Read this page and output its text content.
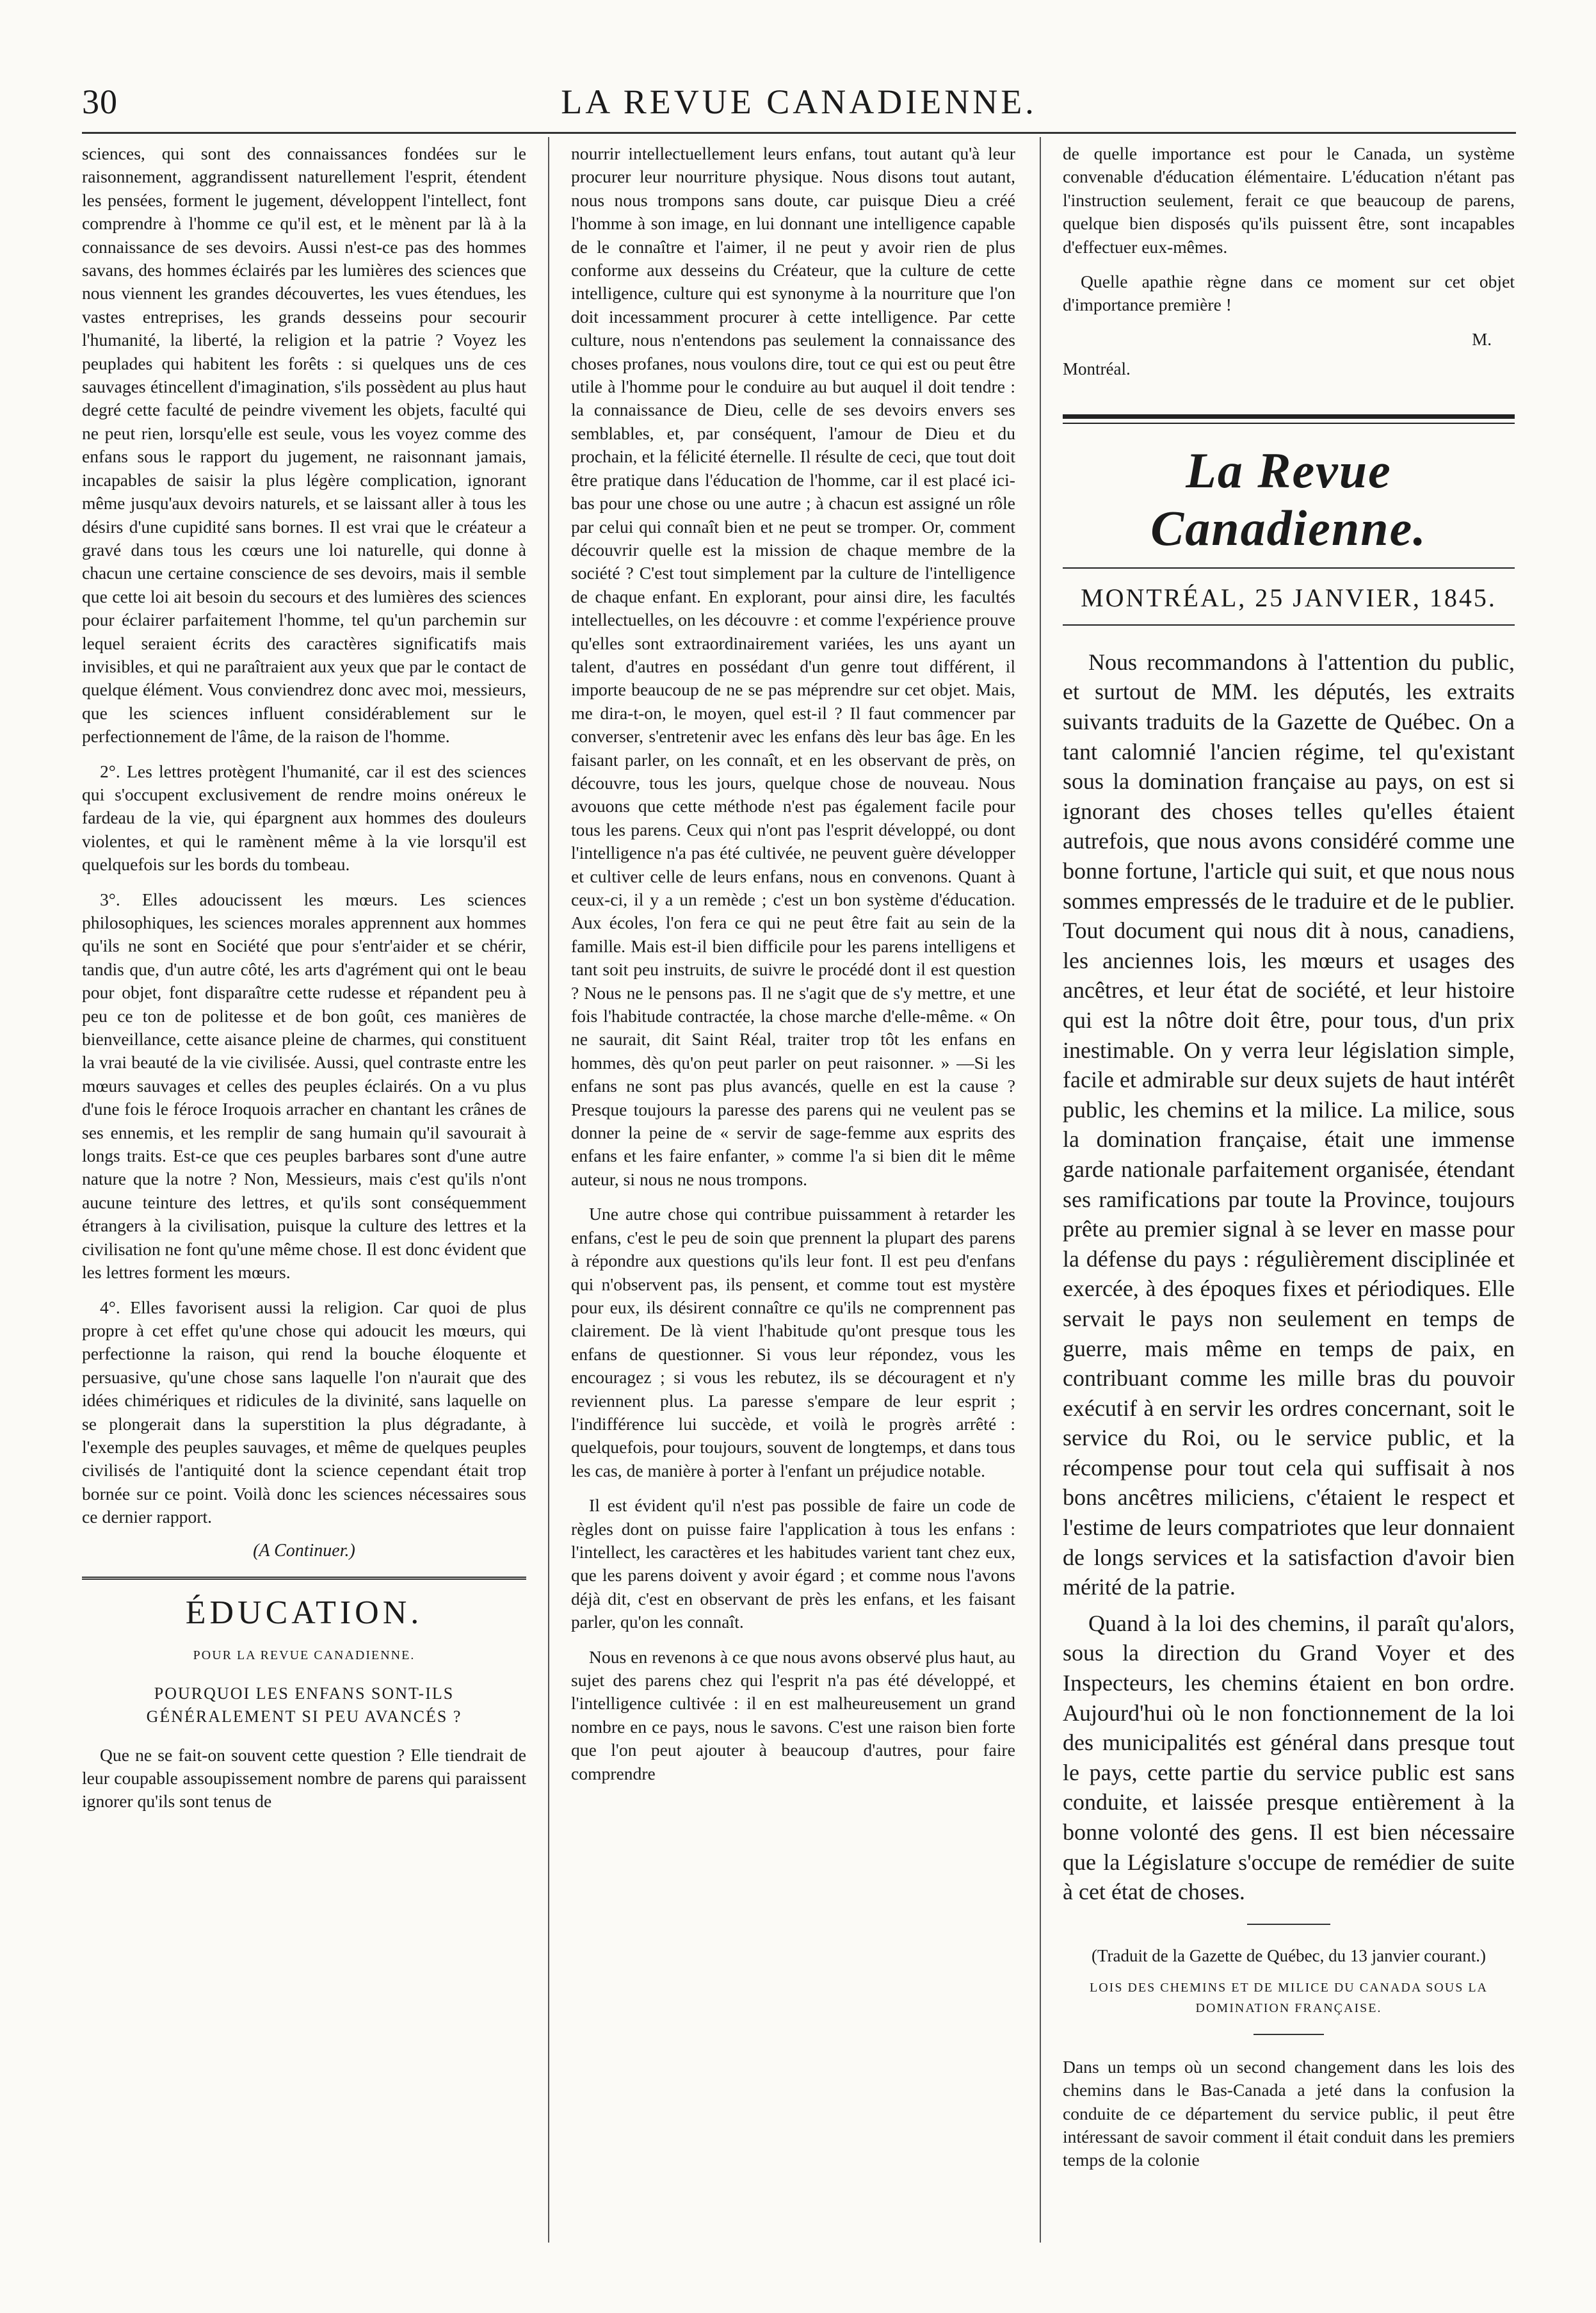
30	LA REVUE CANADIENNE.

sciences, qui sont des connaissances fondées sur le raisonnement, aggrandissent naturellement l'esprit, étendent les pensées, forment le jugement, développent l'intellect, font comprendre à l'homme ce qu'il est, et le mènent par là à la connaissance de ses devoirs. Aussi n'est-ce pas des hommes savans, des hommes éclairés par les lumières des sciences que nous viennent les grandes découvertes, les vues étendues, les vastes entreprises, les grands desseins pour secourir l'humanité, la liberté, la religion et la patrie ? Voyez les peuplades qui habitent les forêts : si quelques uns de ces sauvages étincellent d'imagination, s'ils possèdent au plus haut degré cette faculté de peindre vivement les objets, faculté qui ne peut rien, lorsqu'elle est seule, vous les voyez comme des enfans sous le rapport du jugement, ne raisonnant jamais, incapables de saisir la plus légère complication, ignorant même jusqu'aux devoirs naturels, et se laissant aller à tous les désirs d'une cupidité sans bornes. Il est vrai que le créateur a gravé dans tous les cœurs une loi naturelle, qui donne à chacun une certaine conscience de ses devoirs, mais il semble que cette loi ait besoin du secours et des lumières des sciences pour éclairer parfaitement l'homme, tel qu'un parchemin sur lequel seraient écrits des caractères significatifs mais invisibles, et qui ne paraîtraient aux yeux que par le contact de quelque élément. Vous conviendrez donc avec moi, messieurs, que les sciences influent considérablement sur le perfectionnement de l'âme, de la raison de l'homme.

2°. Les lettres protègent l'humanité, car il est des sciences qui s'occupent exclusivement de rendre moins onéreux le fardeau de la vie, qui épargnent aux hommes des douleurs violentes, et qui le ramènent même à la vie lorsqu'il est quelquefois sur les bords du tombeau.

3°. Elles adoucissent les mœurs. Les sciences philosophiques, les sciences morales apprennent aux hommes qu'ils ne sont en Société que pour s'entr'aider et se chérir, tandis que, d'un autre côté, les arts d'agrément qui ont le beau pour objet, font disparaître cette rudesse et répandent peu à peu ce ton de politesse et de bon goût, ces manières de bienveillance, cette aisance pleine de charmes, qui constituent la vrai beauté de la vie civilisée. Aussi, quel contraste entre les mœurs sauvages et celles des peuples éclairés. On a vu plus d'une fois le féroce Iroquois arracher en chantant les crânes de ses ennemis, et les remplir de sang humain qu'il savourait à longs traits. Est-ce que ces peuples barbares sont d'une autre nature que la notre ? Non, Messieurs, mais c'est qu'ils n'ont aucune teinture des lettres, et qu'ils sont conséquemment étrangers à la civilisation, puisque la culture des lettres et la civilisation ne font qu'une même chose. Il est donc évident que les lettres forment les mœurs.

4°. Elles favorisent aussi la religion. Car quoi de plus propre à cet effet qu'une chose qui adoucit les mœurs, qui perfectionne la raison, qui rend la bouche éloquente et persuasive, qu'une chose sans laquelle l'on n'aurait que des idées chimériques et ridicules de la divinité, sans laquelle on se plongerait dans la superstition la plus dégradante, à l'exemple des peuples sauvages, et même de quelques peuples civilisés de l'antiquité dont la science cependant était trop bornée sur ce point. Voilà donc les sciences nécessaires sous ce dernier rapport.

(A Continuer.)
ÉDUCATION.
POUR LA REVUE CANADIENNE.
POURQUOI LES ENFANS SONT-ILS GÉNÉRALEMENT SI PEU AVANCÉS ?

Que ne se fait-on souvent cette question ? Elle tiendrait de leur coupable assoupissement nombre de parens qui paraissent ignorer qu'ils sont tenus de

nourrir intellectuellement leurs enfans, tout autant qu'à leur procurer leur nourriture physique. Nous disons tout autant, nous nous trompons sans doute, car puisque Dieu a créé l'homme à son image, en lui donnant une intelligence capable de le connaître et l'aimer, il ne peut y avoir rien de plus conforme aux desseins du Créateur, que la culture de cette intelligence, culture qui est synonyme à la nourriture que l'on doit incessamment procurer à cette intelligence. Par cette culture, nous n'entendons pas seulement la connaissance des choses profanes, nous voulons dire, tout ce qui est ou peut être utile à l'homme pour le conduire au but auquel il doit tendre : la connaissance de Dieu, celle de ses devoirs envers ses semblables, et, par conséquent, l'amour de Dieu et du prochain, et la félicité éternelle. Il résulte de ceci, que tout doit être pratique dans l'éducation de l'homme, car il est placé ici-bas pour une chose ou une autre ; à chacun est assigné un rôle par celui qui connaît bien et ne peut se tromper. Or, comment découvrir quelle est la mission de chaque membre de la société ? C'est tout simplement par la culture de l'intelligence de chaque enfant. En explorant, pour ainsi dire, les facultés intellectuelles, on les découvre : et comme l'expérience prouve qu'elles sont extraordinairement variées, les uns ayant un talent, d'autres en possédant d'un genre tout différent, il importe beaucoup de ne se pas méprendre sur cet objet. Mais, me dira-t-on, le moyen, quel est-il ? Il faut commencer par converser, s'entretenir avec les enfans dès leur bas âge. En les faisant parler, on les connaît, et en les observant de près, on découvre, tous les jours, quelque chose de nouveau. Nous avouons que cette méthode n'est pas également facile pour tous les parens. Ceux qui n'ont pas l'esprit développé, ou dont l'intelligence n'a pas été cultivée, ne peuvent guère développer et cultiver celle de leurs enfans, nous en convenons. Quant à ceux-ci, il y a un remède ; c'est un bon système d'éducation. Aux écoles, l'on fera ce qui ne peut être fait au sein de la famille. Mais est-il bien difficile pour les parens intelligens et tant soit peu instruits, de suivre le procédé dont il est question ? Nous ne le pensons pas. Il ne s'agit que de s'y mettre, et une fois l'habitude contractée, la chose marche d'elle-même. « On ne saurait, dit Saint Réal, traiter trop tôt les enfans en hommes, dès qu'on peut parler on peut raisonner. » —Si les enfans ne sont pas plus avancés, quelle en est la cause ? Presque toujours la paresse des parens qui ne veulent pas se donner la peine de « servir de sage-femme aux esprits des enfans et les faire enfanter, » comme l'a si bien dit le même auteur, si nous ne nous trompons.

Une autre chose qui contribue puissamment à retarder les enfans, c'est le peu de soin que prennent la plupart des parens à répondre aux questions qu'ils leur font. Il est peu d'enfans qui n'observent pas, ils pensent, et comme tout est mystère pour eux, ils désirent connaître ce qu'ils ne comprennent pas clairement. De là vient l'habitude qu'ont presque tous les enfans de questionner. Si vous leur répondez, vous les encouragez ; si vous les rebutez, ils se découragent et n'y reviennent plus. La paresse s'empare de leur esprit ; l'indifférence lui succède, et voilà le progrès arrêté : quelquefois, pour toujours, souvent de longtemps, et dans tous les cas, de manière à porter à l'enfant un préjudice notable.

Il est évident qu'il n'est pas possible de faire un code de règles dont on puisse faire l'application à tous les enfans : l'intellect, les caractères et les habitudes varient tant chez eux, que les parens doivent y avoir égard ; et comme nous l'avons déjà dit, c'est en observant de près les enfans, et les faisant parler, qu'on les connaît.

Nous en revenons à ce que nous avons observé plus haut, au sujet des parens chez qui l'esprit n'a pas été développé, et l'intelligence cultivée : il en est malheureusement un grand nombre en ce pays, nous le savons. C'est une raison bien forte que l'on peut ajouter à beaucoup d'autres, pour faire comprendre

de quelle importance est pour le Canada, un système convenable d'éducation élémentaire. L'éducation n'étant pas l'instruction seulement, ferait ce que beaucoup de parens, quelque bien disposés qu'ils puissent être, sont incapables d'effectuer eux-mêmes.

Quelle apathie règne dans ce moment sur cet objet d'importance première !

M.
Montréal.
La Revue Canadienne.
MONTRÉAL, 25 JANVIER, 1845.

Nous recommandons à l'attention du public, et surtout de MM. les députés, les extraits suivants traduits de la Gazette de Québec. On a tant calomnié l'ancien régime, tel qu'existant sous la domination française au pays, on est si ignorant des choses telles qu'elles étaient autrefois, que nous avons considéré comme une bonne fortune, l'article qui suit, et que nous nous sommes empressés de le traduire et de le publier. Tout document qui nous dit à nous, canadiens, les anciennes lois, les mœurs et usages des ancêtres, et leur état de société, et leur histoire qui est la nôtre doit être, pour tous, d'un prix inestimable. On y verra leur législation simple, facile et admirable sur deux sujets de haut intérêt public, les chemins et la milice. La milice, sous la domination française, était une immense garde nationale parfaitement organisée, étendant ses ramifications par toute la Province, toujours prête au premier signal à se lever en masse pour la défense du pays : régulièrement disciplinée et exercée, à des époques fixes et périodiques. Elle servait le pays non seulement en temps de guerre, mais même en temps de paix, en contribuant comme les mille bras du pouvoir exécutif à en servir les ordres concernant, soit le service du Roi, ou le service public, et la récompense pour tout cela qui suffisait à nos bons ancêtres miliciens, c'étaient le respect et l'estime de leurs compatriotes que leur donnaient de longs services et la satisfaction d'avoir bien mérité de la patrie.

Quand à la loi des chemins, il paraît qu'alors, sous la direction du Grand Voyer et des Inspecteurs, les chemins étaient en bon ordre. Aujourd'hui où le non fonctionnement de la loi des municipalités est général dans presque tout le pays, cette partie du service public est sans conduite, et laissée presque entièrement à la bonne volonté des gens. Il est bien nécessaire que la Législature s'occupe de remédier de suite à cet état de choses.

(Traduit de la Gazette de Québec, du 13 janvier courant.)
LOIS DES CHEMINS ET DE MILICE DU CANADA SOUS LA DOMINATION FRANÇAISE.

Dans un temps où un second changement dans les lois des chemins dans le Bas-Canada a jeté dans la confusion la conduite de ce département du service public, il peut être intéressant de savoir comment il était conduit dans les premiers temps de la colonie
